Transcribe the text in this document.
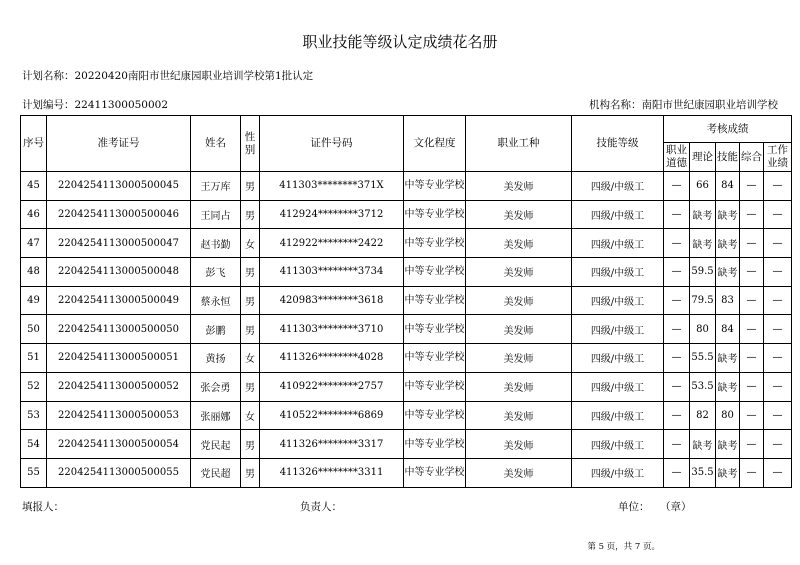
职业技能等级认定成绩花名册
计划名称：20220420南阳市世纪康园职业培训学校第1批认定
计划编号：22411300050002	机构名称：南阳市世纪康园职业培训学校
序号	准考证号	姓名	性别	证件号码	文化程度	职业工种	技能等级	考核成绩				
								职业道德	理论	技能	综合	工作业绩
45	2204254113000500045	王万库	男	411303********371X	中等专业学校	美发师	四级/中级工	—	66	84	—	—
46	2204254113000500046	王同占	男	412924********3712	中等专业学校	美发师	四级/中级工	—	缺考	缺考	—	—
47	2204254113000500047	赵书勤	女	412922********2422	中等专业学校	美发师	四级/中级工	—	缺考	缺考	—	—
48	2204254113000500048	彭飞	男	411303********3734	中等专业学校	美发师	四级/中级工	—	59.5	缺考	—	—
49	2204254113000500049	蔡永恒	男	420983********3618	中等专业学校	美发师	四级/中级工	—	79.5	83	—	—
50	2204254113000500050	彭鹏	男	411303********3710	中等专业学校	美发师	四级/中级工	—	80	84	—	—
51	2204254113000500051	黄扬	女	411326********4028	中等专业学校	美发师	四级/中级工	—	55.5	缺考	—	—
52	2204254113000500052	张会勇	男	410922********2757	中等专业学校	美发师	四级/中级工	—	53.5	缺考	—	—
53	2204254113000500053	张丽娜	女	410522********6869	中等专业学校	美发师	四级/中级工	—	82	80	—	—
54	2204254113000500054	党民起	男	411326********3317	中等专业学校	美发师	四级/中级工	—	缺考	缺考	—	—
55	2204254113000500055	党民超	男	411326********3311	中等专业学校	美发师	四级/中级工	—	35.5	缺考	—	—
填报人：	负责人：	单位： （章）
第 5 页，共 7 页。
